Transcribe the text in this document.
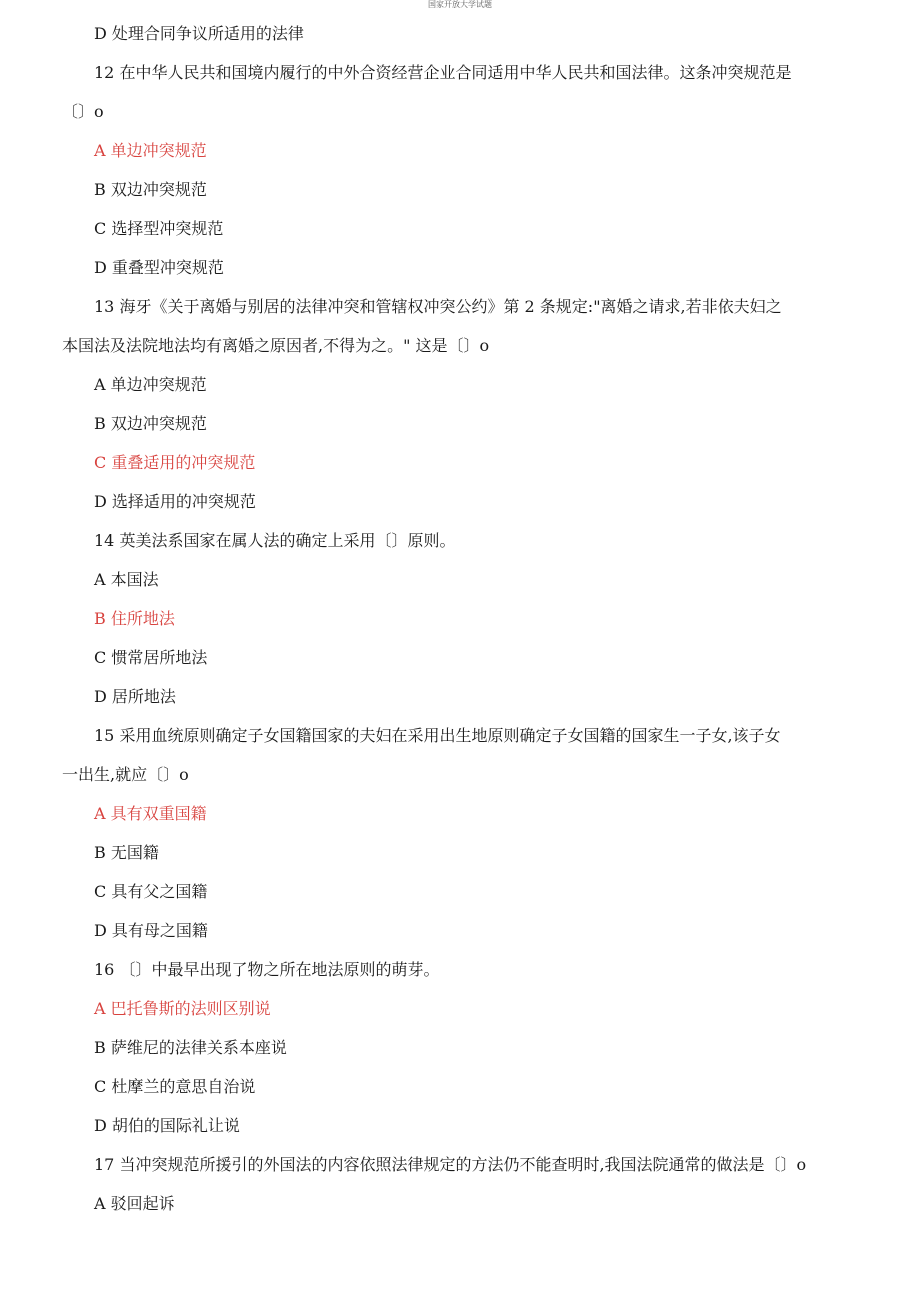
国家开放大学试题
D 处理合同争议所适用的法律
12 在中华人民共和国境内履行的中外合资经营企业合同适用中华人民共和国法律。这条冲突规范是
〔〕o
A 单边冲突规范
B 双边冲突规范
C 选择型冲突规范
D 重叠型冲突规范
13 海牙《关于离婚与别居的法律冲突和管辖权冲突公约》第 2 条规定:"离婚之请求,若非依夫妇之
本国法及法院地法均有离婚之原因者,不得为之。" 这是〔〕o
A 单边冲突规范
B 双边冲突规范
C 重叠适用的冲突规范
D 选择适用的冲突规范
14 英美法系国家在属人法的确定上采用〔〕原则。
A 本国法
B 住所地法
C 惯常居所地法
D 居所地法
15 采用血统原则确定子女国籍国家的夫妇在采用出生地原则确定子女国籍的国家生一子女,该子女
一出生,就应〔〕o
A 具有双重国籍
B 无国籍
C 具有父之国籍
D 具有母之国籍
16 〔〕中最早出现了物之所在地法原则的萌芽。
A 巴托鲁斯的法则区别说
B 萨维尼的法律关系本座说
C 杜摩兰的意思自治说
D 胡伯的国际礼让说
17 当冲突规范所援引的外国法的内容依照法律规定的方法仍不能查明时,我国法院通常的做法是〔〕o
A 驳回起诉
